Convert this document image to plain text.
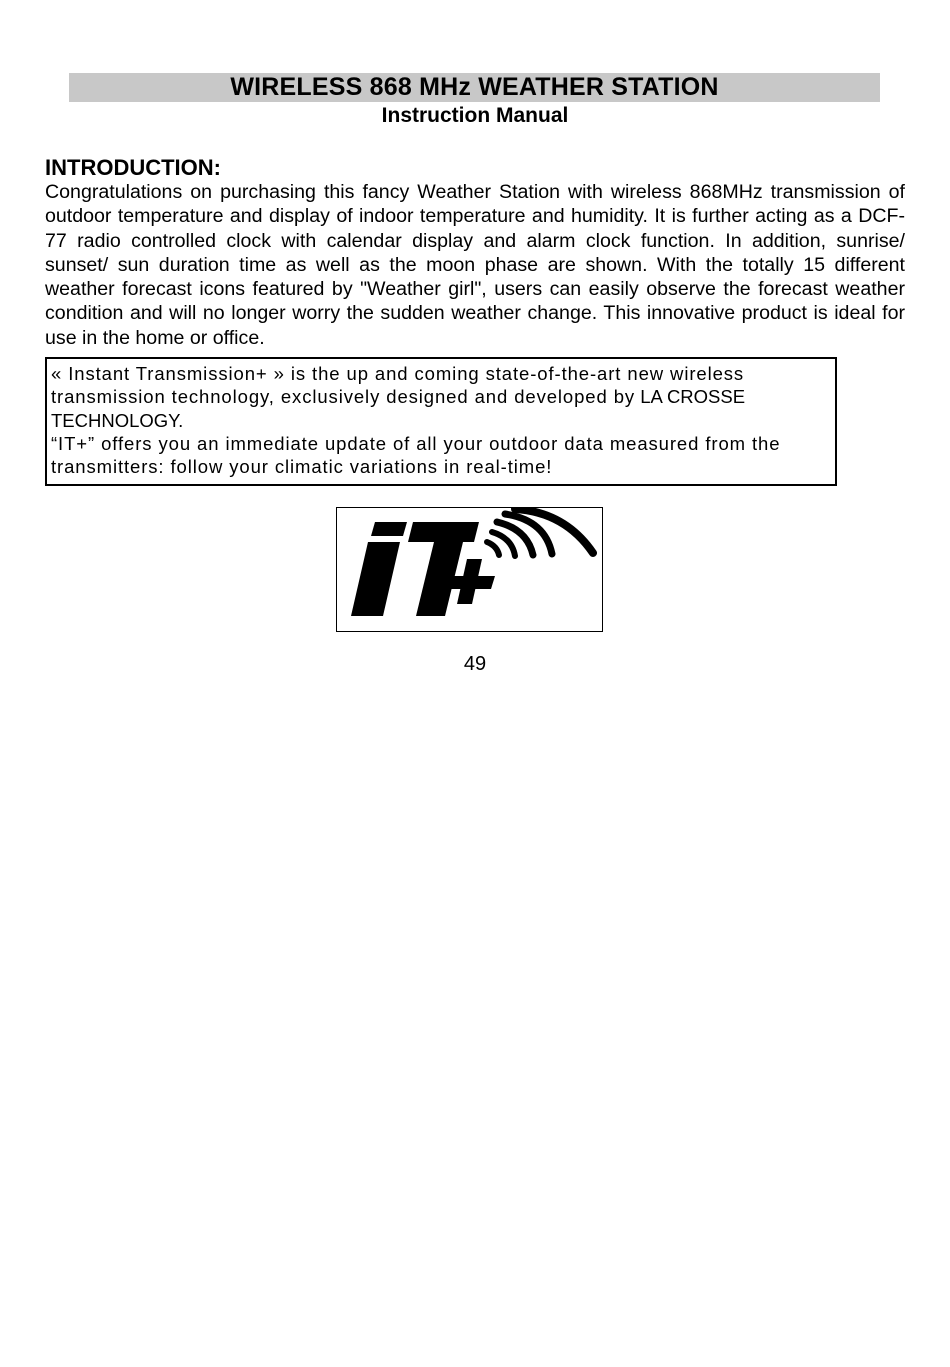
WIRELESS 868 MHz WEATHER STATION
Instruction Manual
INTRODUCTION:

Congratulations on purchasing this fancy Weather Station with wireless 868MHz transmission of outdoor temperature and display of indoor temperature and humidity. It is further acting as a DCF-77 radio controlled clock with calendar display and alarm clock function. In addition, sunrise/ sunset/ sun duration time as well as the moon phase are shown. With the totally 15 different weather forecast icons featured by "Weather girl", users can easily observe the forecast weather condition and will no longer worry the sudden weather change. This innovative product is ideal for use in the home or office.

« Instant Transmission+ » is the up and coming state-of-the-art new wireless transmission technology, exclusively designed and developed by LA CROSSE TECHNOLOGY.

“IT+” offers you an immediate update of all your outdoor data measured from the transmitters: follow your climatic variations in real-time!

49
